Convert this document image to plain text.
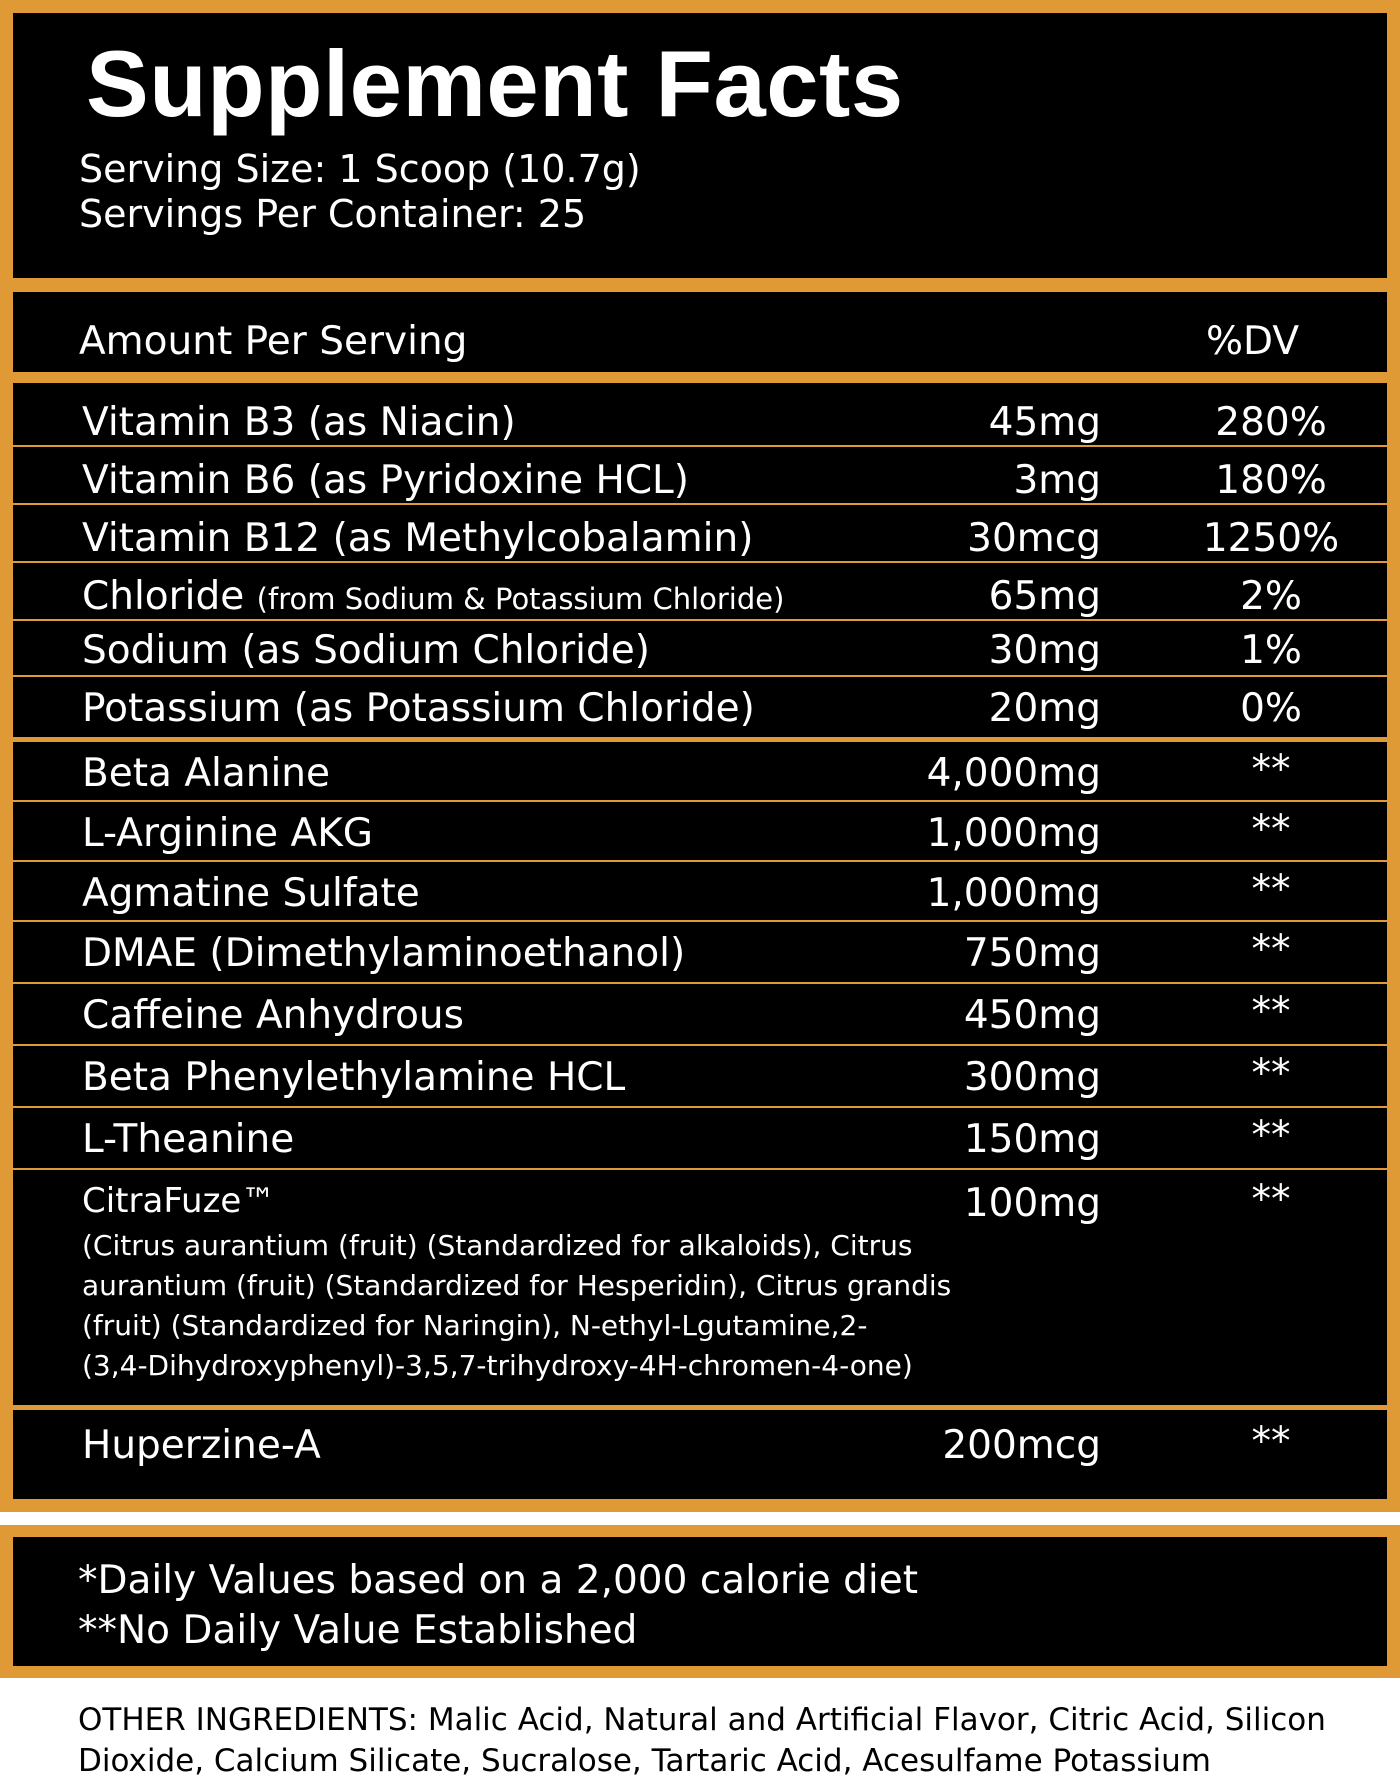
Supplement Facts
Serving Size: 1 Scoop (10.7g)
Servings Per Container: 25
Amount Per Serving	%DV
Vitamin B3 (as Niacin)	45mg	280%
Vitamin B6 (as Pyridoxine HCL)	3mg	180%
Vitamin B12 (as Methylcobalamin)	30mcg	1250%
Chloride (from Sodium & Potassium Chloride)	65mg	2%
Sodium (as Sodium Chloride)	30mg	1%
Potassium (as Potassium Chloride)	20mg	0%
Beta Alanine	4,000mg	**
L-Arginine AKG	1,000mg	**
Agmatine Sulfate	1,000mg	**
DMAE (Dimethylaminoethanol)	750mg	**
Caffeine Anhydrous	450mg	**
Beta Phenylethylamine HCL	300mg	**
L-Theanine	150mg	**
CitraFuze™	100mg	**
(Citrus aurantium (fruit) (Standardized for alkaloids), Citrus
aurantium (fruit) (Standardized for Hesperidin), Citrus grandis
(fruit) (Standardized for Naringin), N-ethyl-Lgutamine,2-
(3,4-Dihydroxyphenyl)-3,5,7-trihydroxy-4H-chromen-4-one)
Huperzine-A	200mcg	**
*Daily Values based on a 2,000 calorie diet
**No Daily Value Established
OTHER INGREDIENTS: Malic Acid, Natural and Artificial Flavor, Citric Acid, Silicon Dioxide, Calcium Silicate, Sucralose, Tartaric Acid, Acesulfame Potassium
